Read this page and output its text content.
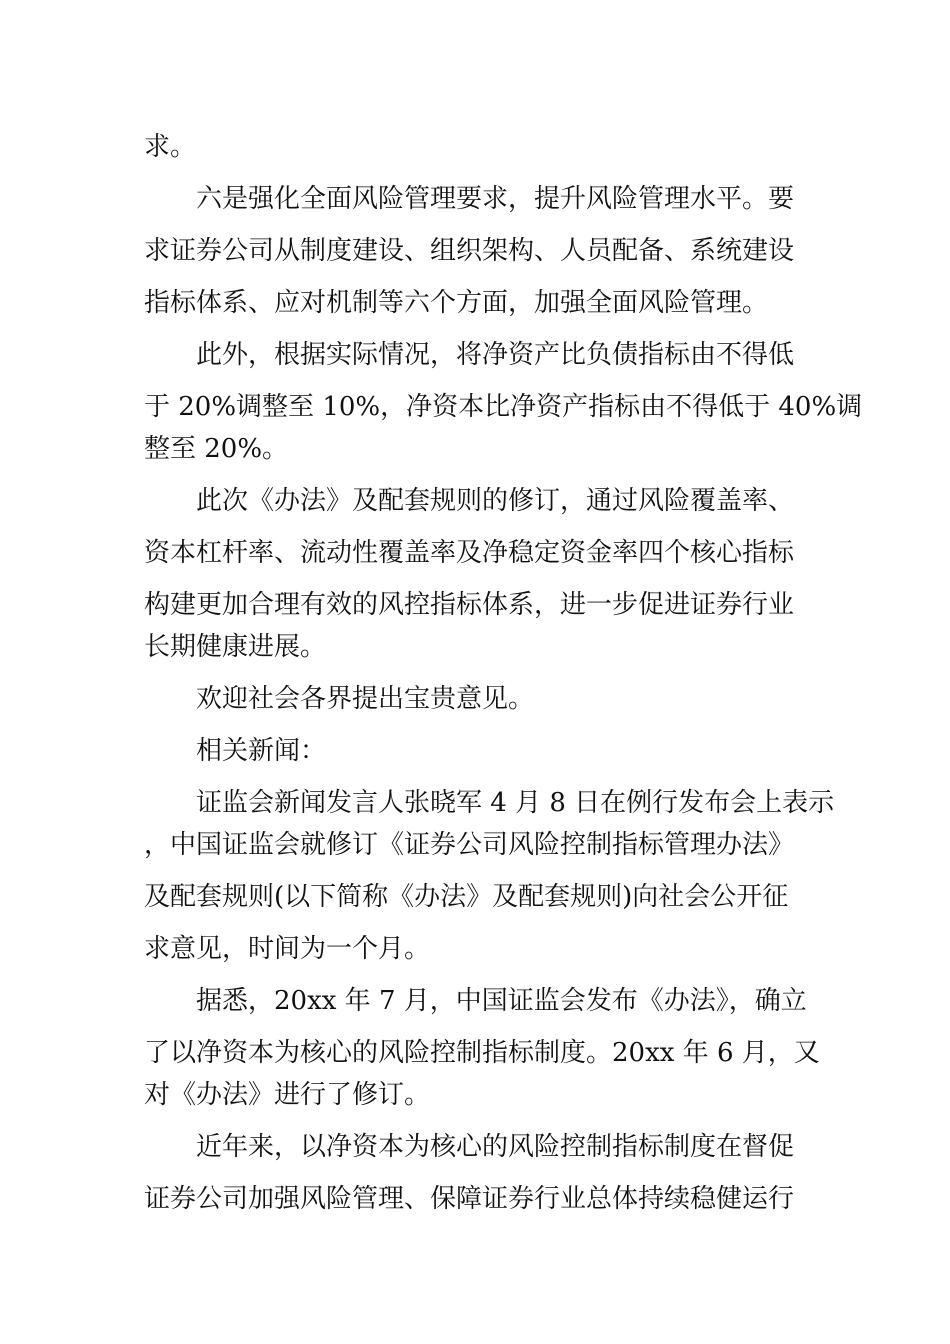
求。
六是强化全面风险管理要求，提升风险管理水平。要
求证券公司从制度建设、组织架构、人员配备、系统建设
指标体系、应对机制等六个方面，加强全面风险管理。
此外，根据实际情况，将净资产比负债指标由不得低
于 20%调整至 10%，净资本比净资产指标由不得低于 40%调
整至 20%。
此次《办法》及配套规则的修订，通过风险覆盖率、
资本杠杆率、流动性覆盖率及净稳定资金率四个核心指标
构建更加合理有效的风控指标体系，进一步促进证券行业
长期健康进展。
欢迎社会各界提出宝贵意见。
相关新闻：
证监会新闻发言人张晓军 4 月 8 日在例行发布会上表示
，中国证监会就修订《证券公司风险控制指标管理办法》
及配套规则(以下简称《办法》及配套规则)向社会公开征
求意见，时间为一个月。
据悉，20xx 年 7 月，中国证监会发布《办法》，确立
了以净资本为核心的风险控制指标制度。20xx 年 6 月，又
对《办法》进行了修订。
近年来，以净资本为核心的风险控制指标制度在督促
证券公司加强风险管理、保障证券行业总体持续稳健运行
